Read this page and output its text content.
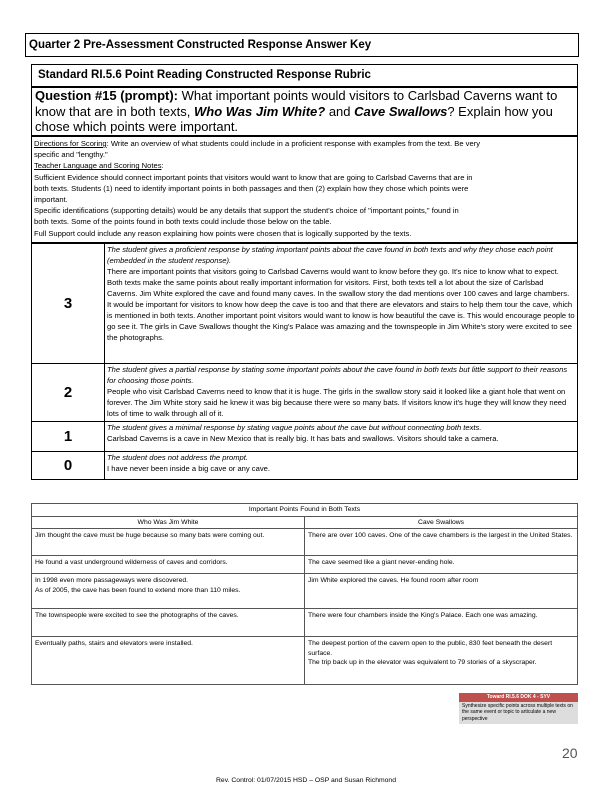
Quarter 2 Pre-Assessment Constructed Response Answer Key
Standard RI.5.6 Point Reading Constructed Response Rubric
Question #15 (prompt): What important points would visitors to Carlsbad Caverns want to know that are in both texts, Who Was Jim White? and Cave Swallows? Explain how you chose which points were important.
Directions for Scoring: Write an overview of what students could include in a proficient response with examples from the text. Be very
specific and "lengthy."
Teacher Language and Scoring Notes:
Sufficient Evidence should connect important points that visitors would want to know that are going to Carlsbad Caverns that are in
both texts. Students (1) need to identify important points in both passages and then (2) explain how they chose which points were
important.
Specific identifications (supporting details) would be any details that support the student's choice of "important points," found in
both texts. Some of the points found in both texts could include those below on the table.
Full Support could include any reason explaining how points were chosen that is logically supported by the texts.
3	The student gives a proficient response by stating important points about the cave found in both texts and why they chose each point (embedded in the student response).
There are important points that visitors going to Carlsbad Caverns would want to know before they go. It's nice to know what to expect. Both texts make the same points about really important information for visitors. First, both texts tell a lot about the size of Carlsbad Caverns. Jim White explored the cave and found many caves. In the swallow story the dad mentions over 100 caves and large chambers. It would be important for visitors to know how deep the cave is too and that there are elevators and stairs to help them tour the cave, which is mentioned in both texts. Another important point visitors would want to know is how beautiful the cave is. This would encourage people to go see it. The girls in Cave Swallows thought the King's Palace was amazing and the townspeople in Jim White's story were excited to see the photographs.

2	The student gives a partial response by stating some important points about the cave found in both texts but little support to their reasons for choosing those points.
People who visit Carlsbad Caverns need to know that it is huge. The girls in the swallow story said it looked like a giant hole that went on forever. The Jim White story said he knew it was big because there were so many bats. If visitors know it's huge they will know they need lots of time to walk through all of it.

1	The student gives a minimal response by stating vague points about the cave but without connecting both texts.
Carlsbad Caverns is a cave in New Mexico that is really big. It has bats and swallows. Visitors should take a camera.

0	The student does not address the prompt.
I have never been inside a big cave or any cave.
Important Points Found in Both Texts	
Who Was Jim White	Cave Swallows
Jim thought the cave must be huge because so many bats were coming out.	There are over 100 caves. One of the cave chambers is the largest in the United States.
He found a vast underground wilderness of caves and corridors.	The cave seemed like a giant never-ending hole.
In 1998 even more passageways were discovered.
As of 2005, the cave has been found to extend more than 110 miles.	Jim White explored the caves. He found room after room
The townspeople were excited to see the photographs of the caves.	There were four chambers inside the King's Palace. Each one was amazing.
Eventually paths, stairs and elevators were installed.	The deepest portion of the cavern open to the public, 830 feet beneath the desert surface.
The trip back up in the elevator was equivalent to 79 stories of a skyscraper.
Toward RI.5.6 DOK 4 - SYV
Synthesize specific points across multiple texts on the same event or topic to articulate a new perspective
20
Rev. Control: 01/07/2015 HSD – OSP and Susan Richmond
